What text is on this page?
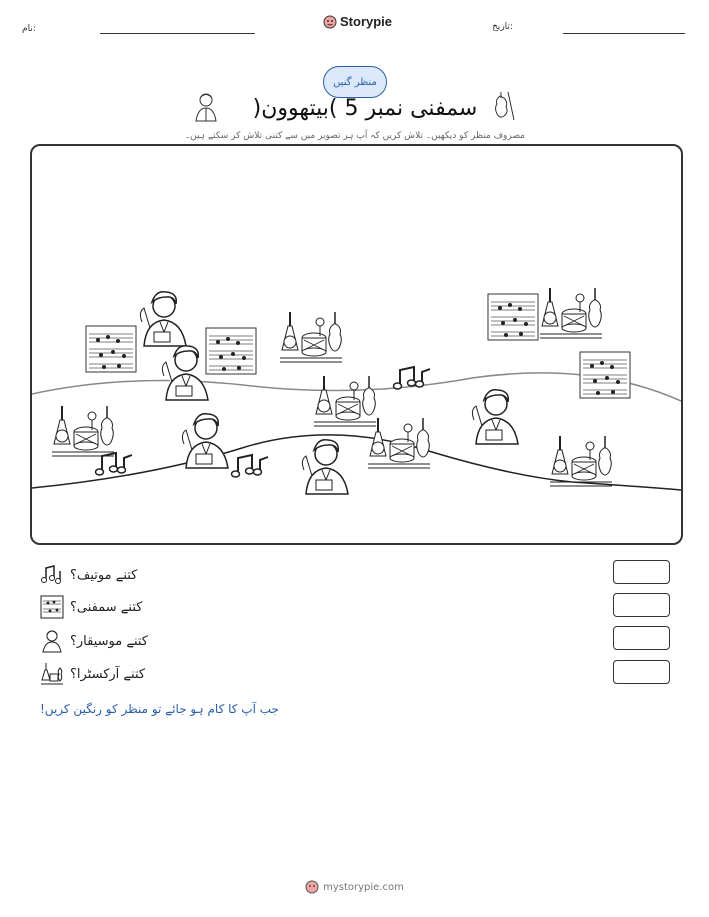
نام:	Storypie	تاریخ:
منظر گنیں
سمفنی نمبر 5 )بیتھوون(
مصروف منظر کو دیکھیں۔ تلاش کریں کہ آپ ہر تصویر میں سے کتنی تلاش کر سکتے ہیں۔
کتنے موتیف؟
کتنے سمفنی؟
کتنے موسیقار؟
کتنے آرکسٹرا؟
جب آپ کا کام ہو جائے تو منظر کو رنگین کریں!
mystorypie.com
